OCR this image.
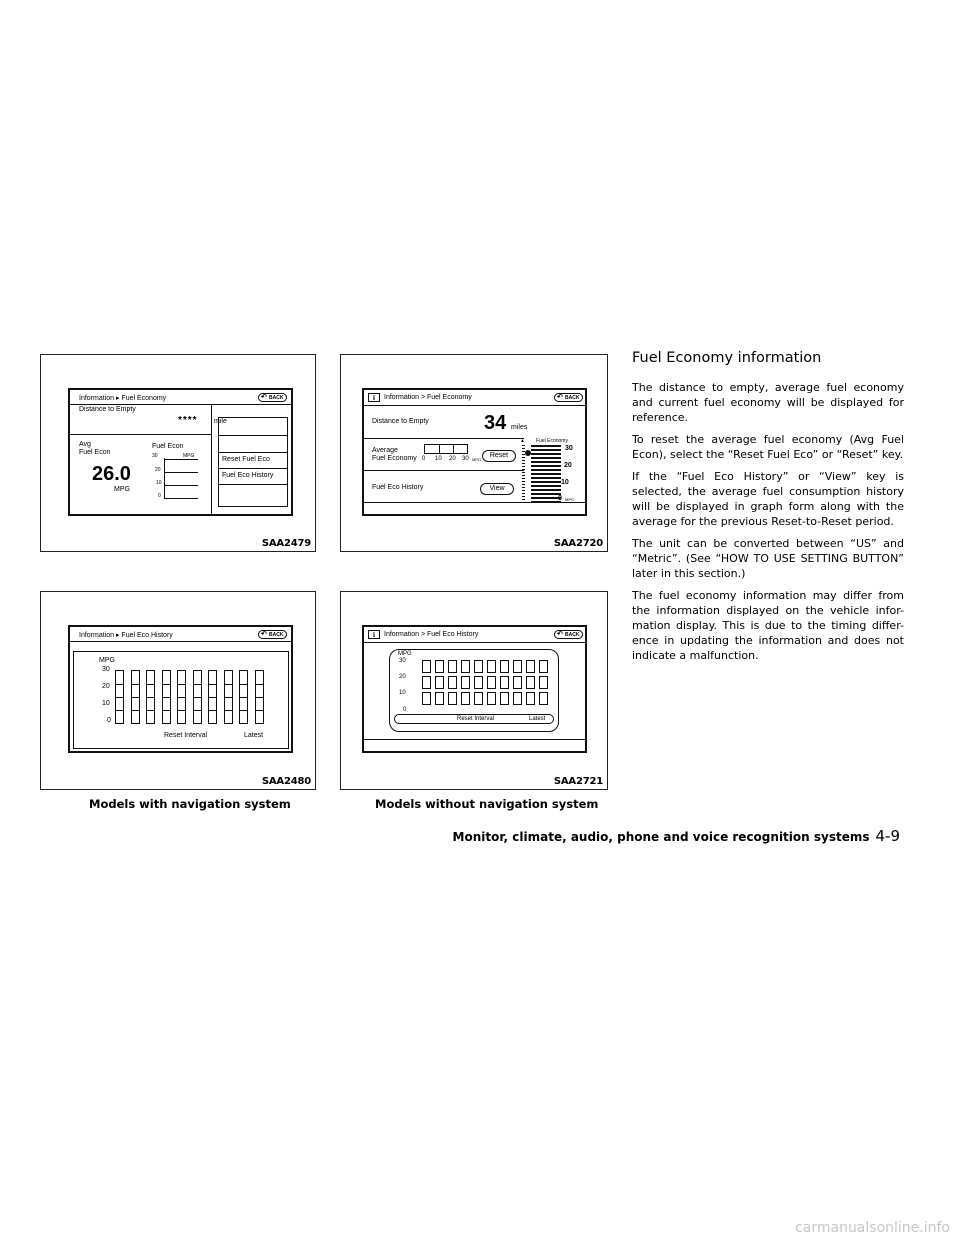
Information ▸ Fuel Economy	↶ BACK
Distance to Empty
**** mile
Avg
Fuel Econ
26.0
MPG
Fuel Econ
MPG
30
20
10
0
Reset Fuel Eco
Fuel Eco History
SAA2479
i	Information > Fuel Economy	↶ BACK
Distance to Empty	34 miles
Average
Fuel Economy 0 10 20 30 MPG
Reset
Fuel Eco History	View
▲ Fuel Economy
30
20
10
0 MPG
SAA2720
Information ▸ Fuel Eco History	↶ BACK
MPG
30
20
10
0
Reset Interval	Latest
SAA2480
i	Information > Fuel Eco History	↶ BACK
MPG
30
20
10
0
Reset Interval	Latest
SAA2721
Models with navigation system	Models without navigation system
Fuel Economy information

The distance to empty, average fuel economy and current fuel economy will be displayed for reference.

To reset the average fuel economy (Avg Fuel Econ), select the “Reset Fuel Eco” or “Reset” key.

If the “Fuel Eco History” or “View” key is selected, the average fuel consumption history will be displayed in graph form along with the average for the previous Reset-to-Reset period.

The unit can be converted between “US” and “Metric”. (See “HOW TO USE SETTING BUTTON” later in this section.)

The fuel economy information may differ from the information displayed on the vehicle infor-mation display. This is due to the timing differ-ence in updating the information and does not indicate a malfunction.

Monitor, climate, audio, phone and voice recognition systems 4-9
carmanualsonline.info
